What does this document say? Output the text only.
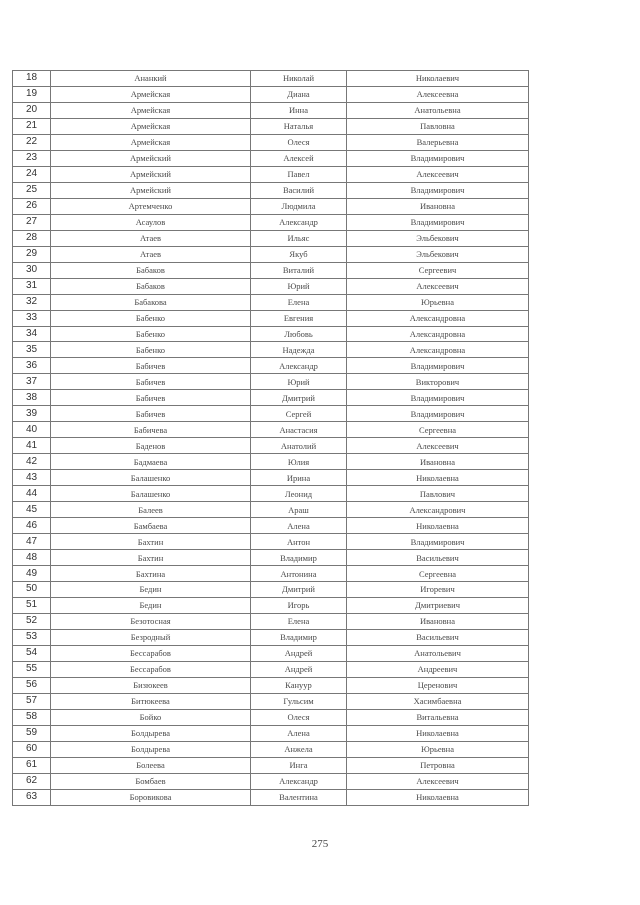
18	Ананкий	Николай	Николаевич
19	Армейская	Диана	Алексеевна
20	Армейская	Инна	Анатольевна
21	Армейская	Наталья	Павловна
22	Армейская	Олеся	Валерьевна
23	Армейский	Алексей	Владимирович
24	Армейский	Павел	Алексеевич
25	Армейский	Василий	Владимирович
26	Артемченко	Людмила	Ивановна
27	Асаулов	Александр	Владимирович
28	Атаев	Ильяс	Эльбекович
29	Атаев	Якуб	Эльбекович
30	Бабаков	Виталий	Сергеевич
31	Бабаков	Юрий	Алексеевич
32	Бабакова	Елена	Юрьевна
33	Бабенко	Евгения	Александровна
34	Бабенко	Любовь	Александровна
35	Бабенко	Надежда	Александровна
36	Бабичев	Александр	Владимирович
37	Бабичев	Юрий	Викторович
38	Бабичев	Дмитрий	Владимирович
39	Бабичев	Сергей	Владимирович
40	Бабичева	Анастасия	Сергеевна
41	Баденов	Анатолий	Алексеевич
42	Бадмаева	Юлия	Ивановна
43	Балашенко	Ирина	Николаевна
44	Балашенко	Леонид	Павлович
45	Балеев	Араш	Александрович
46	Бамбаева	Алена	Николаевна
47	Бахтин	Антон	Владимирович
48	Бахтин	Владимир	Васильевич
49	Бахтина	Антонина	Сергеевна
50	Бедин	Дмитрий	Игоревич
51	Бедин	Игорь	Дмитриевич
52	Безотосная	Елена	Ивановна
53	Безродный	Владимир	Васильевич
54	Бессарабов	Андрей	Анатольевич
55	Бессарабов	Андрей	Андреевич
56	Бизюкеев	Кануур	Церенович
57	Битюкеева	Гульсим	Хасимбаевна
58	Бойко	Олеся	Витальевна
59	Болдырева	Алена	Николаевна
60	Болдырева	Анжела	Юрьевна
61	Болеева	Инга	Петровна
62	Бомбаев	Александр	Алексеевич
63	Боровикова	Валентина	Николаевна
275
